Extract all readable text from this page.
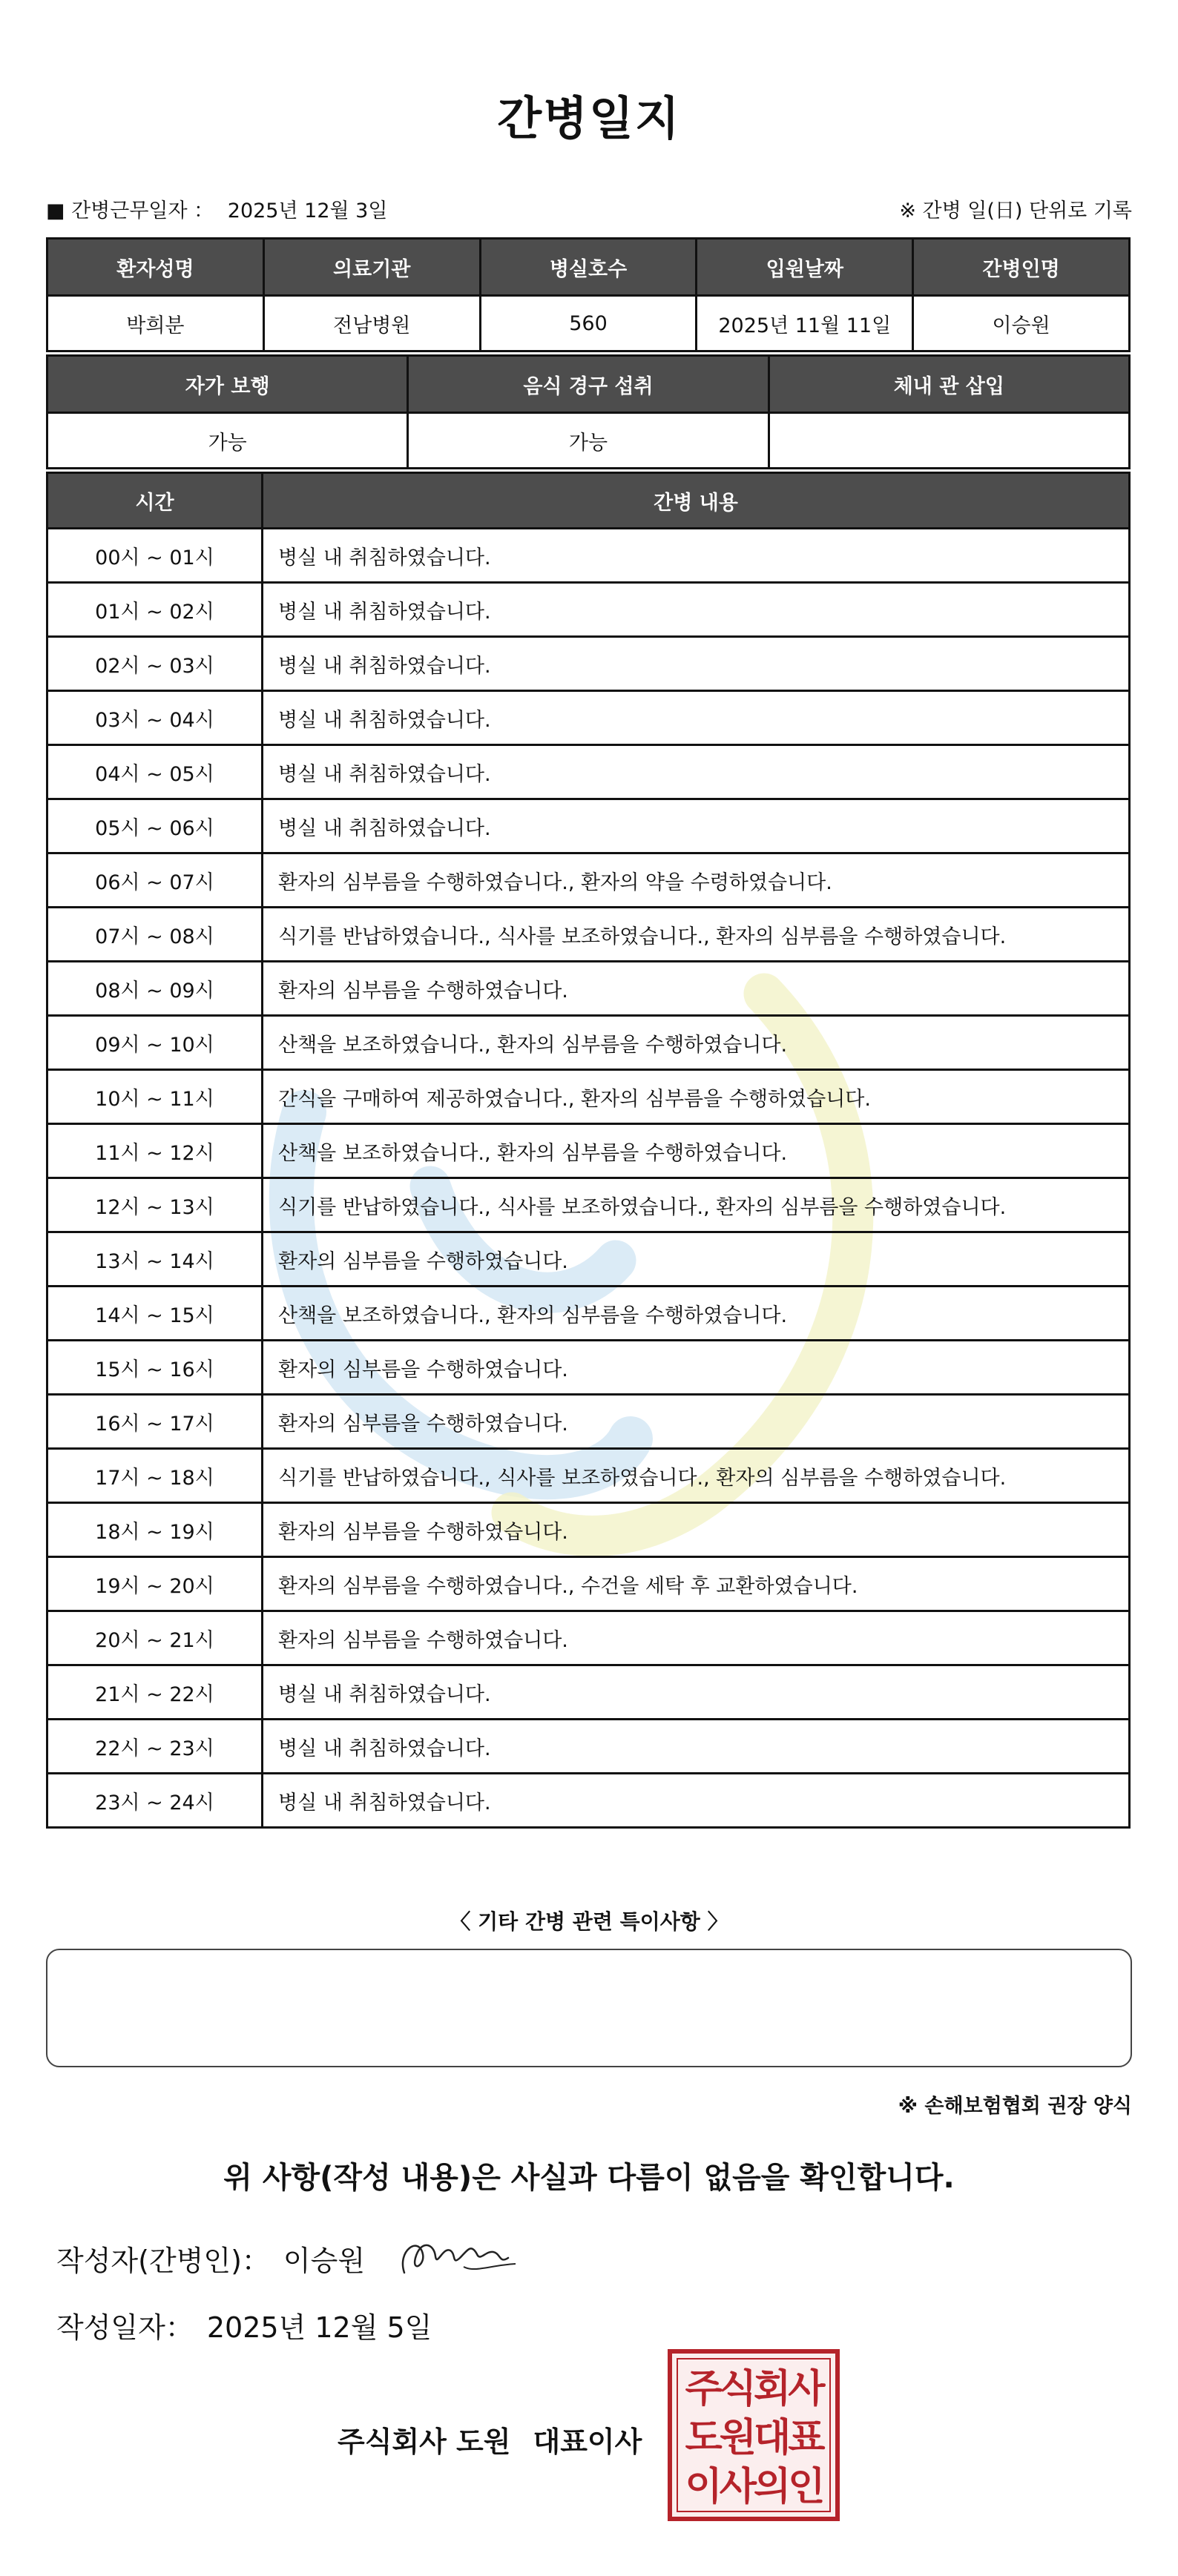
간병일지
■ 간병근무일자 ： 2025년 12월 3일	※ 간병 일(日) 단위로 기록
환자성명	의료기관	병실호수	입원날짜	간병인명
박희분	전남병원	560	2025년 11월 11일	이승원
자가 보행	음식 경구 섭취	체내 관 삽입
가능	가능	
시간	간병 내용
00시 ~ 01시	병실 내 취침하였습니다.
01시 ~ 02시	병실 내 취침하였습니다.
02시 ~ 03시	병실 내 취침하였습니다.
03시 ~ 04시	병실 내 취침하였습니다.
04시 ~ 05시	병실 내 취침하였습니다.
05시 ~ 06시	병실 내 취침하였습니다.
06시 ~ 07시	환자의 심부름을 수행하였습니다., 환자의 약을 수령하였습니다.
07시 ~ 08시	식기를 반납하였습니다., 식사를 보조하였습니다., 환자의 심부름을 수행하였습니다.
08시 ~ 09시	환자의 심부름을 수행하였습니다.
09시 ~ 10시	산책을 보조하였습니다., 환자의 심부름을 수행하였습니다.
10시 ~ 11시	간식을 구매하여 제공하였습니다., 환자의 심부름을 수행하였습니다.
11시 ~ 12시	산책을 보조하였습니다., 환자의 심부름을 수행하였습니다.
12시 ~ 13시	식기를 반납하였습니다., 식사를 보조하였습니다., 환자의 심부름을 수행하였습니다.
13시 ~ 14시	환자의 심부름을 수행하였습니다.
14시 ~ 15시	산책을 보조하였습니다., 환자의 심부름을 수행하였습니다.
15시 ~ 16시	환자의 심부름을 수행하였습니다.
16시 ~ 17시	환자의 심부름을 수행하였습니다.
17시 ~ 18시	식기를 반납하였습니다., 식사를 보조하였습니다., 환자의 심부름을 수행하였습니다.
18시 ~ 19시	환자의 심부름을 수행하였습니다.
19시 ~ 20시	환자의 심부름을 수행하였습니다., 수건을 세탁 후 교환하였습니다.
20시 ~ 21시	환자의 심부름을 수행하였습니다.
21시 ~ 22시	병실 내 취침하였습니다.
22시 ~ 23시	병실 내 취침하였습니다.
23시 ~ 24시	병실 내 취침하였습니다.
〈 기타 간병 관련 특이사항 〉
※ 손해보험협회 권장 양식
위 사항(작성 내용)은 사실과 다름이 없음을 확인합니다.
작성자(간병인)： 이승원
작성일자： 2025년 12월 5일
주식회사 도원 대표이사
주식회사
도원대표
이사의인
